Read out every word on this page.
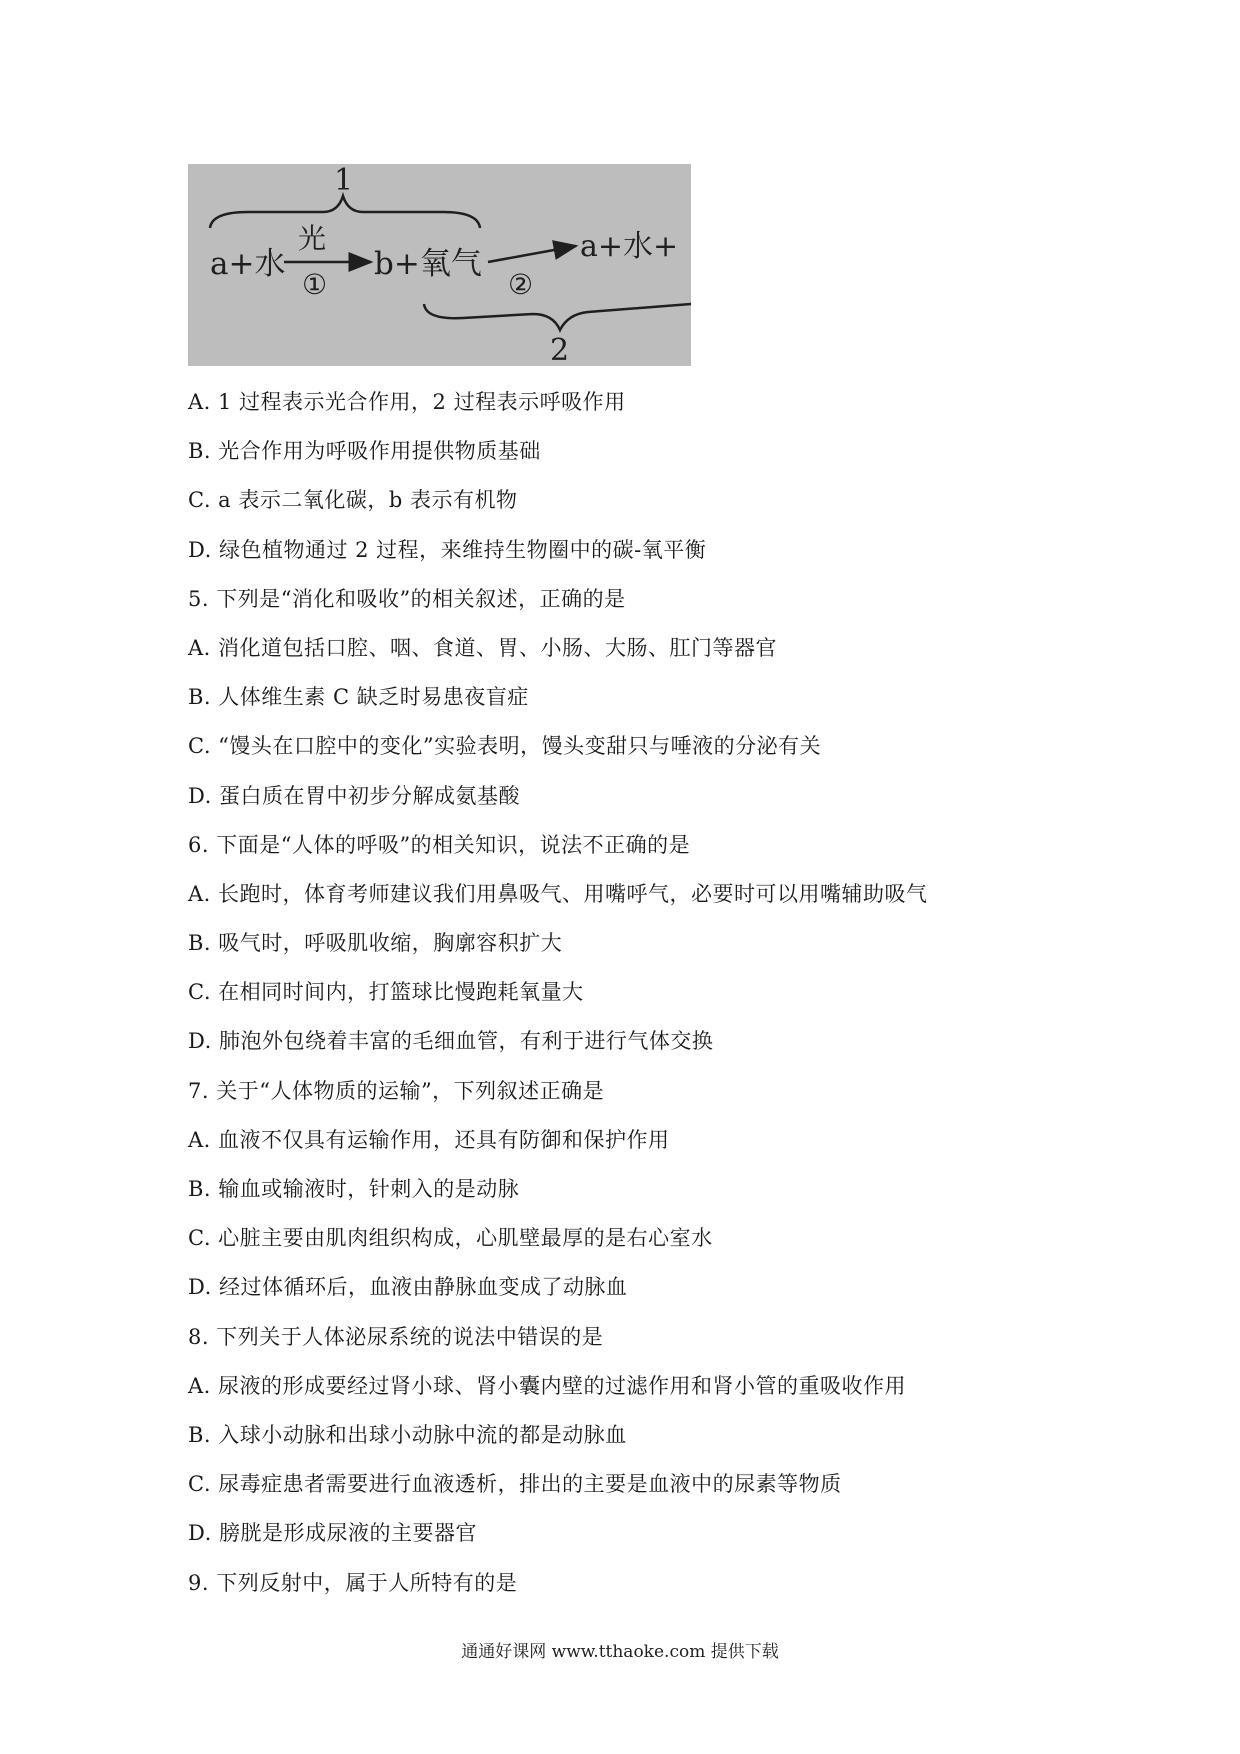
1
a+水
光
①
b+氧气
②
a+水+
2
A. 1 过程表示光合作用，2 过程表示呼吸作用
B. 光合作用为呼吸作用提供物质基础
C. a 表示二氧化碳，b 表示有机物
D. 绿色植物通过 2 过程，来维持生物圈中的碳-氧平衡
5. 下列是“消化和吸收”的相关叙述，正确的是
A. 消化道包括口腔、咽、食道、胃、小肠、大肠、肛门等器官
B. 人体维生素 C 缺乏时易患夜盲症
C. “馒头在口腔中的变化”实验表明，馒头变甜只与唾液的分泌有关
D. 蛋白质在胃中初步分解成氨基酸
6. 下面是“人体的呼吸”的相关知识，说法不正确的是
A. 长跑时，体育考师建议我们用鼻吸气、用嘴呼气，必要时可以用嘴辅助吸气
B. 吸气时，呼吸肌收缩，胸廓容积扩大
C. 在相同时间内，打篮球比慢跑耗氧量大
D. 肺泡外包绕着丰富的毛细血管，有利于进行气体交换
7. 关于“人体物质的运输”，下列叙述正确是
A. 血液不仅具有运输作用，还具有防御和保护作用
B. 输血或输液时，针刺入的是动脉
C. 心脏主要由肌肉组织构成，心肌壁最厚的是右心室水
D. 经过体循环后，血液由静脉血变成了动脉血
8. 下列关于人体泌尿系统的说法中错误的是
A. 尿液的形成要经过肾小球、肾小囊内壁的过滤作用和肾小管的重吸收作用
B. 入球小动脉和出球小动脉中流的都是动脉血
C. 尿毒症患者需要进行血液透析，排出的主要是血液中的尿素等物质
D. 膀胱是形成尿液的主要器官
9. 下列反射中，属于人所特有的是
通通好课网 www.tthaoke.com 提供下载
